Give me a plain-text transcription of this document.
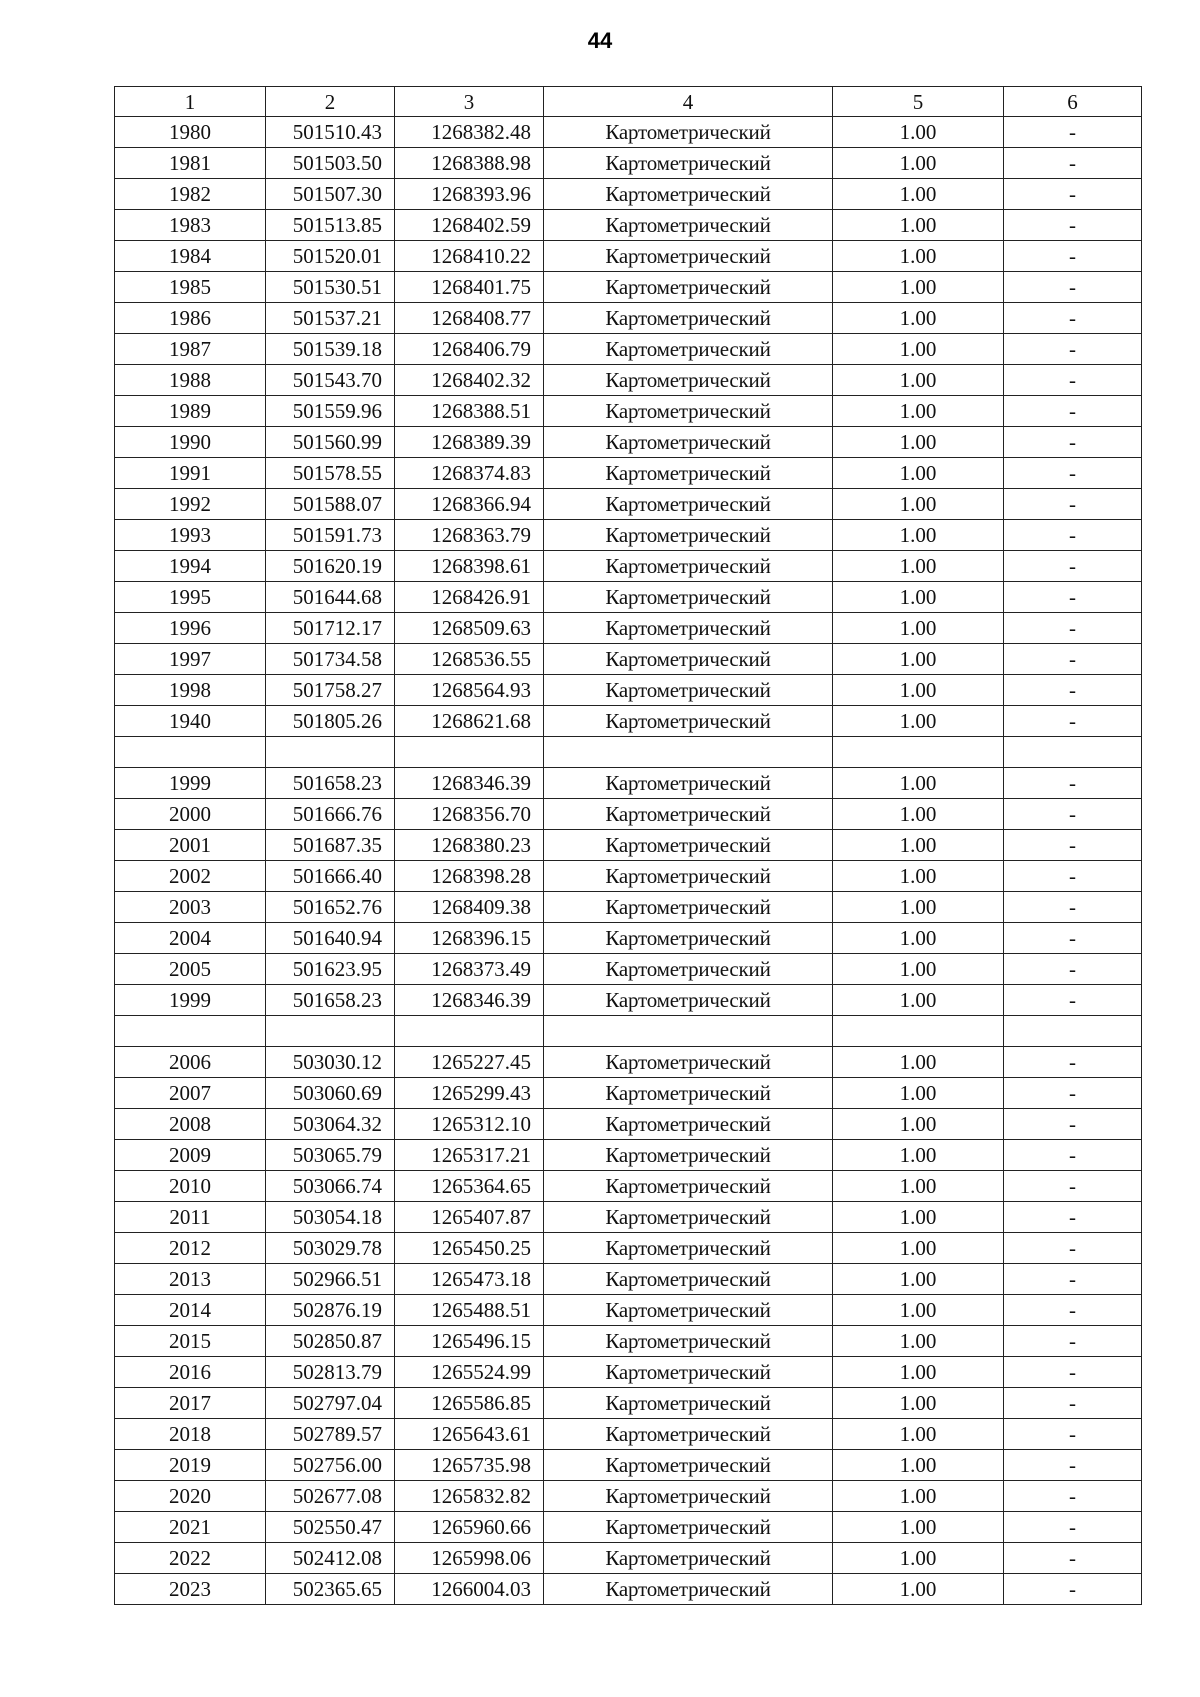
44
1	2	3	4	5	6
1980	501510.43	1268382.48	Картометрический	1.00	-
1981	501503.50	1268388.98	Картометрический	1.00	-
1982	501507.30	1268393.96	Картометрический	1.00	-
1983	501513.85	1268402.59	Картометрический	1.00	-
1984	501520.01	1268410.22	Картометрический	1.00	-
1985	501530.51	1268401.75	Картометрический	1.00	-
1986	501537.21	1268408.77	Картометрический	1.00	-
1987	501539.18	1268406.79	Картометрический	1.00	-
1988	501543.70	1268402.32	Картометрический	1.00	-
1989	501559.96	1268388.51	Картометрический	1.00	-
1990	501560.99	1268389.39	Картометрический	1.00	-
1991	501578.55	1268374.83	Картометрический	1.00	-
1992	501588.07	1268366.94	Картометрический	1.00	-
1993	501591.73	1268363.79	Картометрический	1.00	-
1994	501620.19	1268398.61	Картометрический	1.00	-
1995	501644.68	1268426.91	Картометрический	1.00	-
1996	501712.17	1268509.63	Картометрический	1.00	-
1997	501734.58	1268536.55	Картометрический	1.00	-
1998	501758.27	1268564.93	Картометрический	1.00	-
1940	501805.26	1268621.68	Картометрический	1.00	-

1999	501658.23	1268346.39	Картометрический	1.00	-
2000	501666.76	1268356.70	Картометрический	1.00	-
2001	501687.35	1268380.23	Картометрический	1.00	-
2002	501666.40	1268398.28	Картометрический	1.00	-
2003	501652.76	1268409.38	Картометрический	1.00	-
2004	501640.94	1268396.15	Картометрический	1.00	-
2005	501623.95	1268373.49	Картометрический	1.00	-
1999	501658.23	1268346.39	Картометрический	1.00	-

2006	503030.12	1265227.45	Картометрический	1.00	-
2007	503060.69	1265299.43	Картометрический	1.00	-
2008	503064.32	1265312.10	Картометрический	1.00	-
2009	503065.79	1265317.21	Картометрический	1.00	-
2010	503066.74	1265364.65	Картометрический	1.00	-
2011	503054.18	1265407.87	Картометрический	1.00	-
2012	503029.78	1265450.25	Картометрический	1.00	-
2013	502966.51	1265473.18	Картометрический	1.00	-
2014	502876.19	1265488.51	Картометрический	1.00	-
2015	502850.87	1265496.15	Картометрический	1.00	-
2016	502813.79	1265524.99	Картометрический	1.00	-
2017	502797.04	1265586.85	Картометрический	1.00	-
2018	502789.57	1265643.61	Картометрический	1.00	-
2019	502756.00	1265735.98	Картометрический	1.00	-
2020	502677.08	1265832.82	Картометрический	1.00	-
2021	502550.47	1265960.66	Картометрический	1.00	-
2022	502412.08	1265998.06	Картометрический	1.00	-
2023	502365.65	1266004.03	Картометрический	1.00	-
